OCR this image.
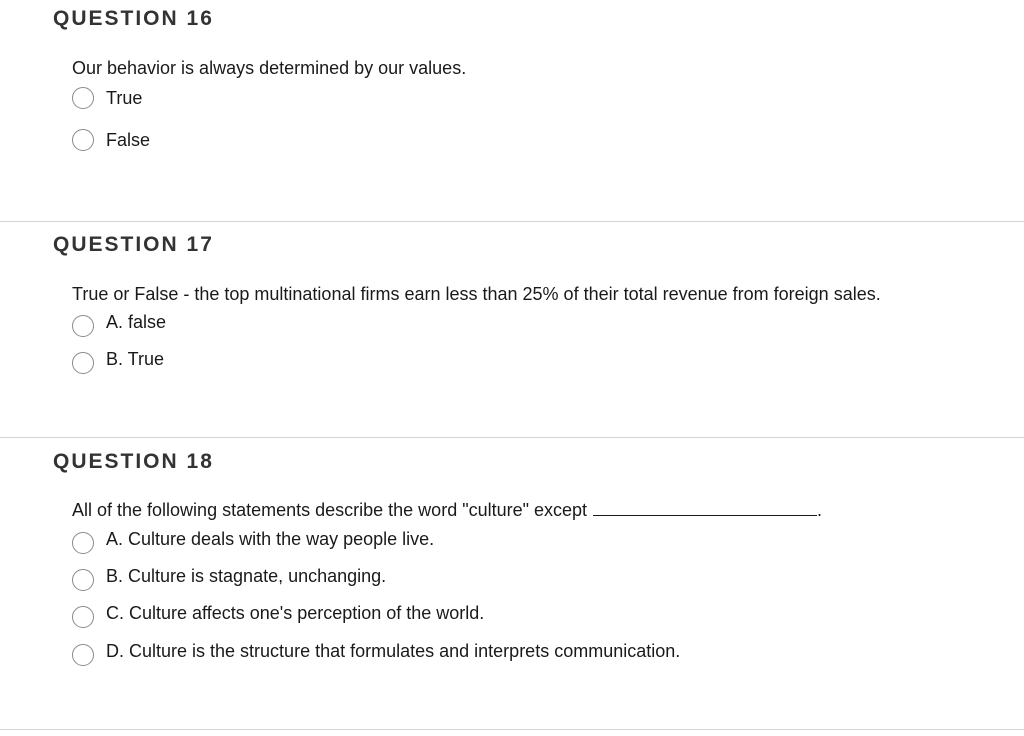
QUESTION 16
Our behavior is always determined by our values.
True
False
QUESTION 17
True or False - the top multinational firms earn less than 25% of their total revenue from foreign sales.
A. false
B. True
QUESTION 18
All of the following statements describe the word "culture" except	.
A. Culture deals with the way people live.
B. Culture is stagnate, unchanging.
C. Culture affects one's perception of the world.
D. Culture is the structure that formulates and interprets communication.
